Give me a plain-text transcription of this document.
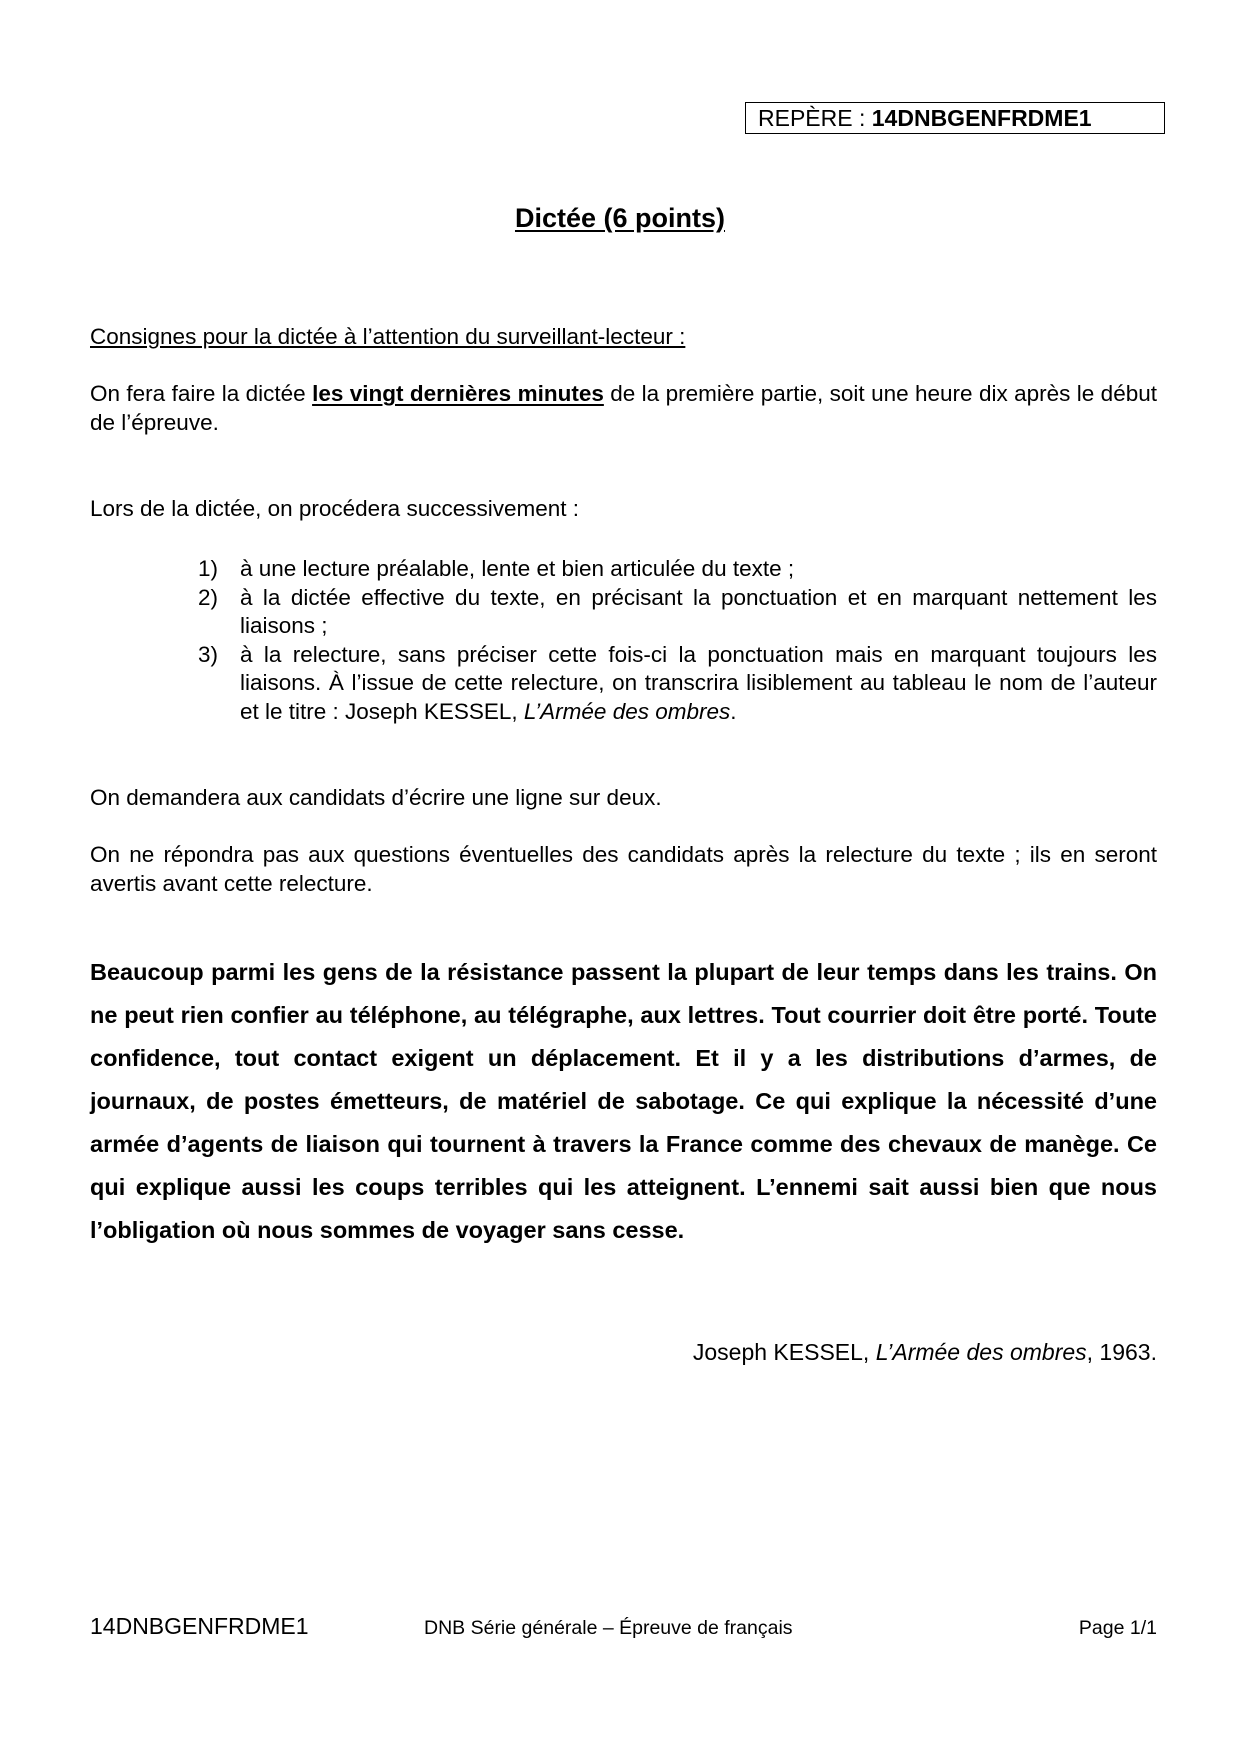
REPÈRE : 14DNBGENFRDME1
Dictée (6 points)

Consignes pour la dictée à l’attention du surveillant-lecteur :

On fera faire la dictée les vingt dernières minutes de la première partie, soit une heure dix après le début de l’épreuve.

Lors de la dictée, on procédera successivement :

1) à une lecture préalable, lente et bien articulée du texte ;
2) à la dictée effective du texte, en précisant la ponctuation et en marquant nettement les liaisons ;
3) à la relecture, sans préciser cette fois-ci la ponctuation mais en marquant toujours les liaisons. À l’issue de cette relecture, on transcrira lisiblement au tableau le nom de l’auteur et le titre : Joseph KESSEL, L’Armée des ombres.

On demandera aux candidats d’écrire une ligne sur deux.

On ne répondra pas aux questions éventuelles des candidats après la relecture du texte ; ils en seront avertis avant cette relecture.

Beaucoup parmi les gens de la résistance passent la plupart de leur temps dans les trains. On ne peut rien confier au téléphone, au télégraphe, aux lettres. Tout courrier doit être porté. Toute confidence, tout contact exigent un déplacement. Et il y a les distributions d’armes, de journaux, de postes émetteurs, de matériel de sabotage. Ce qui explique la nécessité d’une armée d’agents de liaison qui tournent à travers la France comme des chevaux de manège. Ce qui explique aussi les coups terribles qui les atteignent. L’ennemi sait aussi bien que nous l’obligation où nous sommes de voyager sans cesse.

Joseph KESSEL, L’Armée des ombres, 1963.
14DNBGENFRDME1	DNB Série générale – Épreuve de français	Page 1/1
